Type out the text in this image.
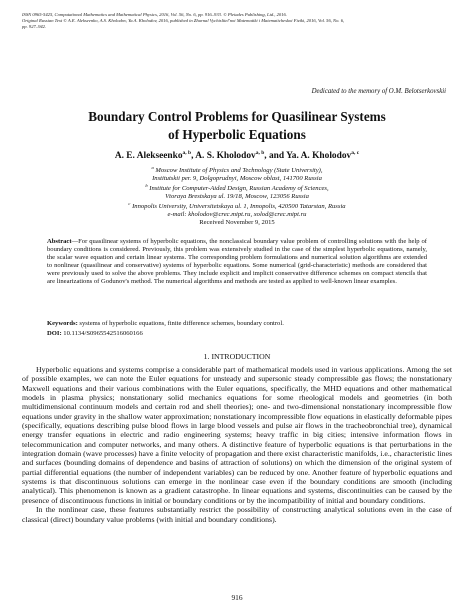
ISSN 0965-5425, Computational Mathematics and Mathematical Physics, 2016, Vol. 56, No. 6, pp. 916–933. © Pleiades Publishing, Ltd., 2016.
Original Russian Text © A.E. Alekseenko, A.S. Kholodov, Ya.A. Kholodov, 2016, published in Zhurnal Vychislitel'noi Matematiki i Matematicheskoi Fiziki, 2016, Vol. 56, No. 6,
pp. 927–942.
Dedicated to the memory of O.M. Belotserkovskii
Boundary Control Problems for Quasilinear Systems
of Hyperbolic Equations
A. E. Alekseenko$^{a, b}$, A. S. Kholodov$^{a, b}$, and Ya. A. Kholodov$^{a, c}$
$^a$ Moscow Institute of Physics and Technology (State University),
Institutskii per. 9, Dolgoprudnyi, Moscow oblast, 141700 Russia
$^b$ Institute for Computer-Aided Design, Russian Academy of Sciences,
Vtoraya Brestskaya ul. 19/18, Moscow, 123056 Russia
$^c$ Innopolis University, Universitetskaya ul. 1, Innopolis, 420500 Tatarstan, Russia
e-mail: kholodov@crec.mipt.ru, xolod@crec.mipt.ru
Received November 9, 2015
Abstract—For quasilinear systems of hyperbolic equations, the nonclassical boundary value problem of controlling solutions with the help of boundary conditions is considered. Previously, this problem was extensively studied in the case of the simplest hyperbolic equations, namely, the scalar wave equation and certain linear systems. The corresponding problem formulations and numerical solution algorithms are extended to nonlinear (quasilinear and conservative) systems of hyperbolic equations. Some numerical (grid-characteristic) methods are considered that were previously used to solve the above problems. They include explicit and implicit conservative difference schemes on compact stencils that are linearizations of Godunov's method. The numerical algorithms and methods are tested as applied to well-known linear examples.
Keywords: systems of hyperbolic equations, finite difference schemes, boundary control.
DOI: 10.1134/S0965542516060166
1. INTRODUCTION
Hyperbolic equations and systems comprise a considerable part of mathematical models used in various applications. Among the set of possible examples, we can note the Euler equations for unsteady and supersonic steady compressible gas flows; the nonstationary Maxwell equations and their various combinations with the Euler equations, specifically, the MHD equations and other mathematical models in plasma physics; nonstationary solid mechanics equations for some rheological models and geometries (in both multidimensional continuum models and certain rod and shell theories); one- and two-dimensional nonstationary incompressible flow equations under gravity in the shallow water approximation; nonstationary incompressible flow equations in elastically deformable pipes (specifically, equations describing pulse blood flows in large blood vessels and pulse air flows in the tracheobronchial tree), dynamical energy transfer equations in electric and radio engineering systems; heavy traffic in big cities; intensive information flows in telecommunication and computer networks, and many others. A distinctive feature of hyperbolic equations is that perturbations in the integration domain (wave processes) have a finite velocity of propagation and there exist characteristic manifolds, i.e., characteristic lines and surfaces (bounding domains of dependence and basins of attraction of solutions) on which the dimension of the original system of partial differential equations (the number of independent variables) can be reduced by one. Another feature of hyperbolic equations and systems is that discontinuous solutions can emerge in the nonlinear case even if the boundary conditions are smooth (including analytical). This phenomenon is known as a gradient catastrophe. In linear equations and systems, discontinuities can be caused by the presence of discontinuous functions in initial or boundary conditions or by the incompatibility of initial and boundary conditions.
In the nonlinear case, these features substantially restrict the possibility of constructing analytical solutions even in the case of classical (direct) boundary value problems (with initial and boundary conditions).
916
